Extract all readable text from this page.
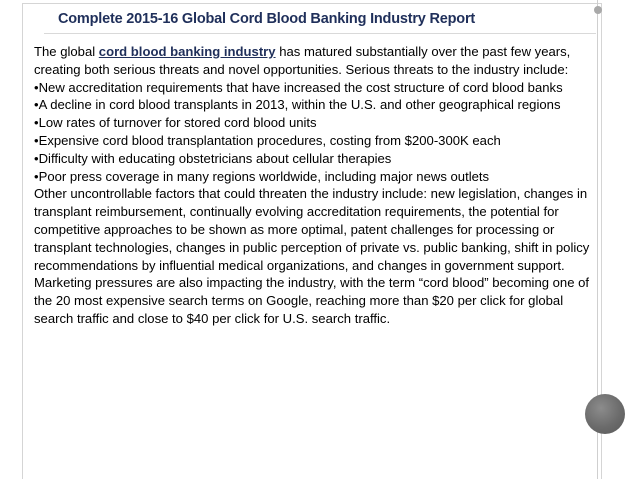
Complete 2015-16 Global Cord Blood Banking Industry Report

The global cord blood banking industry has matured substantially over the past few years, creating both serious threats and novel opportunities. Serious threats to the industry include:

•New accreditation requirements that have increased the cost structure of cord blood banks

•A decline in cord blood transplants in 2013, within the U.S. and other geographical regions

•Low rates of turnover for stored cord blood units

•Expensive cord blood transplantation procedures, costing from $200-300K each

•Difficulty with educating obstetricians about cellular therapies

•Poor press coverage in many regions worldwide, including major news outlets

Other uncontrollable factors that could threaten the industry include: new legislation, changes in transplant reimbursement, continually evolving accreditation requirements, the potential for competitive approaches to be shown as more optimal, patent challenges for processing or transplant technologies, changes in public perception of private vs. public banking, shift in policy recommendations by influential medical organizations, and changes in government support.

Marketing pressures are also impacting the industry, with the term “cord blood” becoming one of the 20 most expensive search terms on Google, reaching more than $20 per click for global search traffic and close to $40 per click for U.S. search traffic.
